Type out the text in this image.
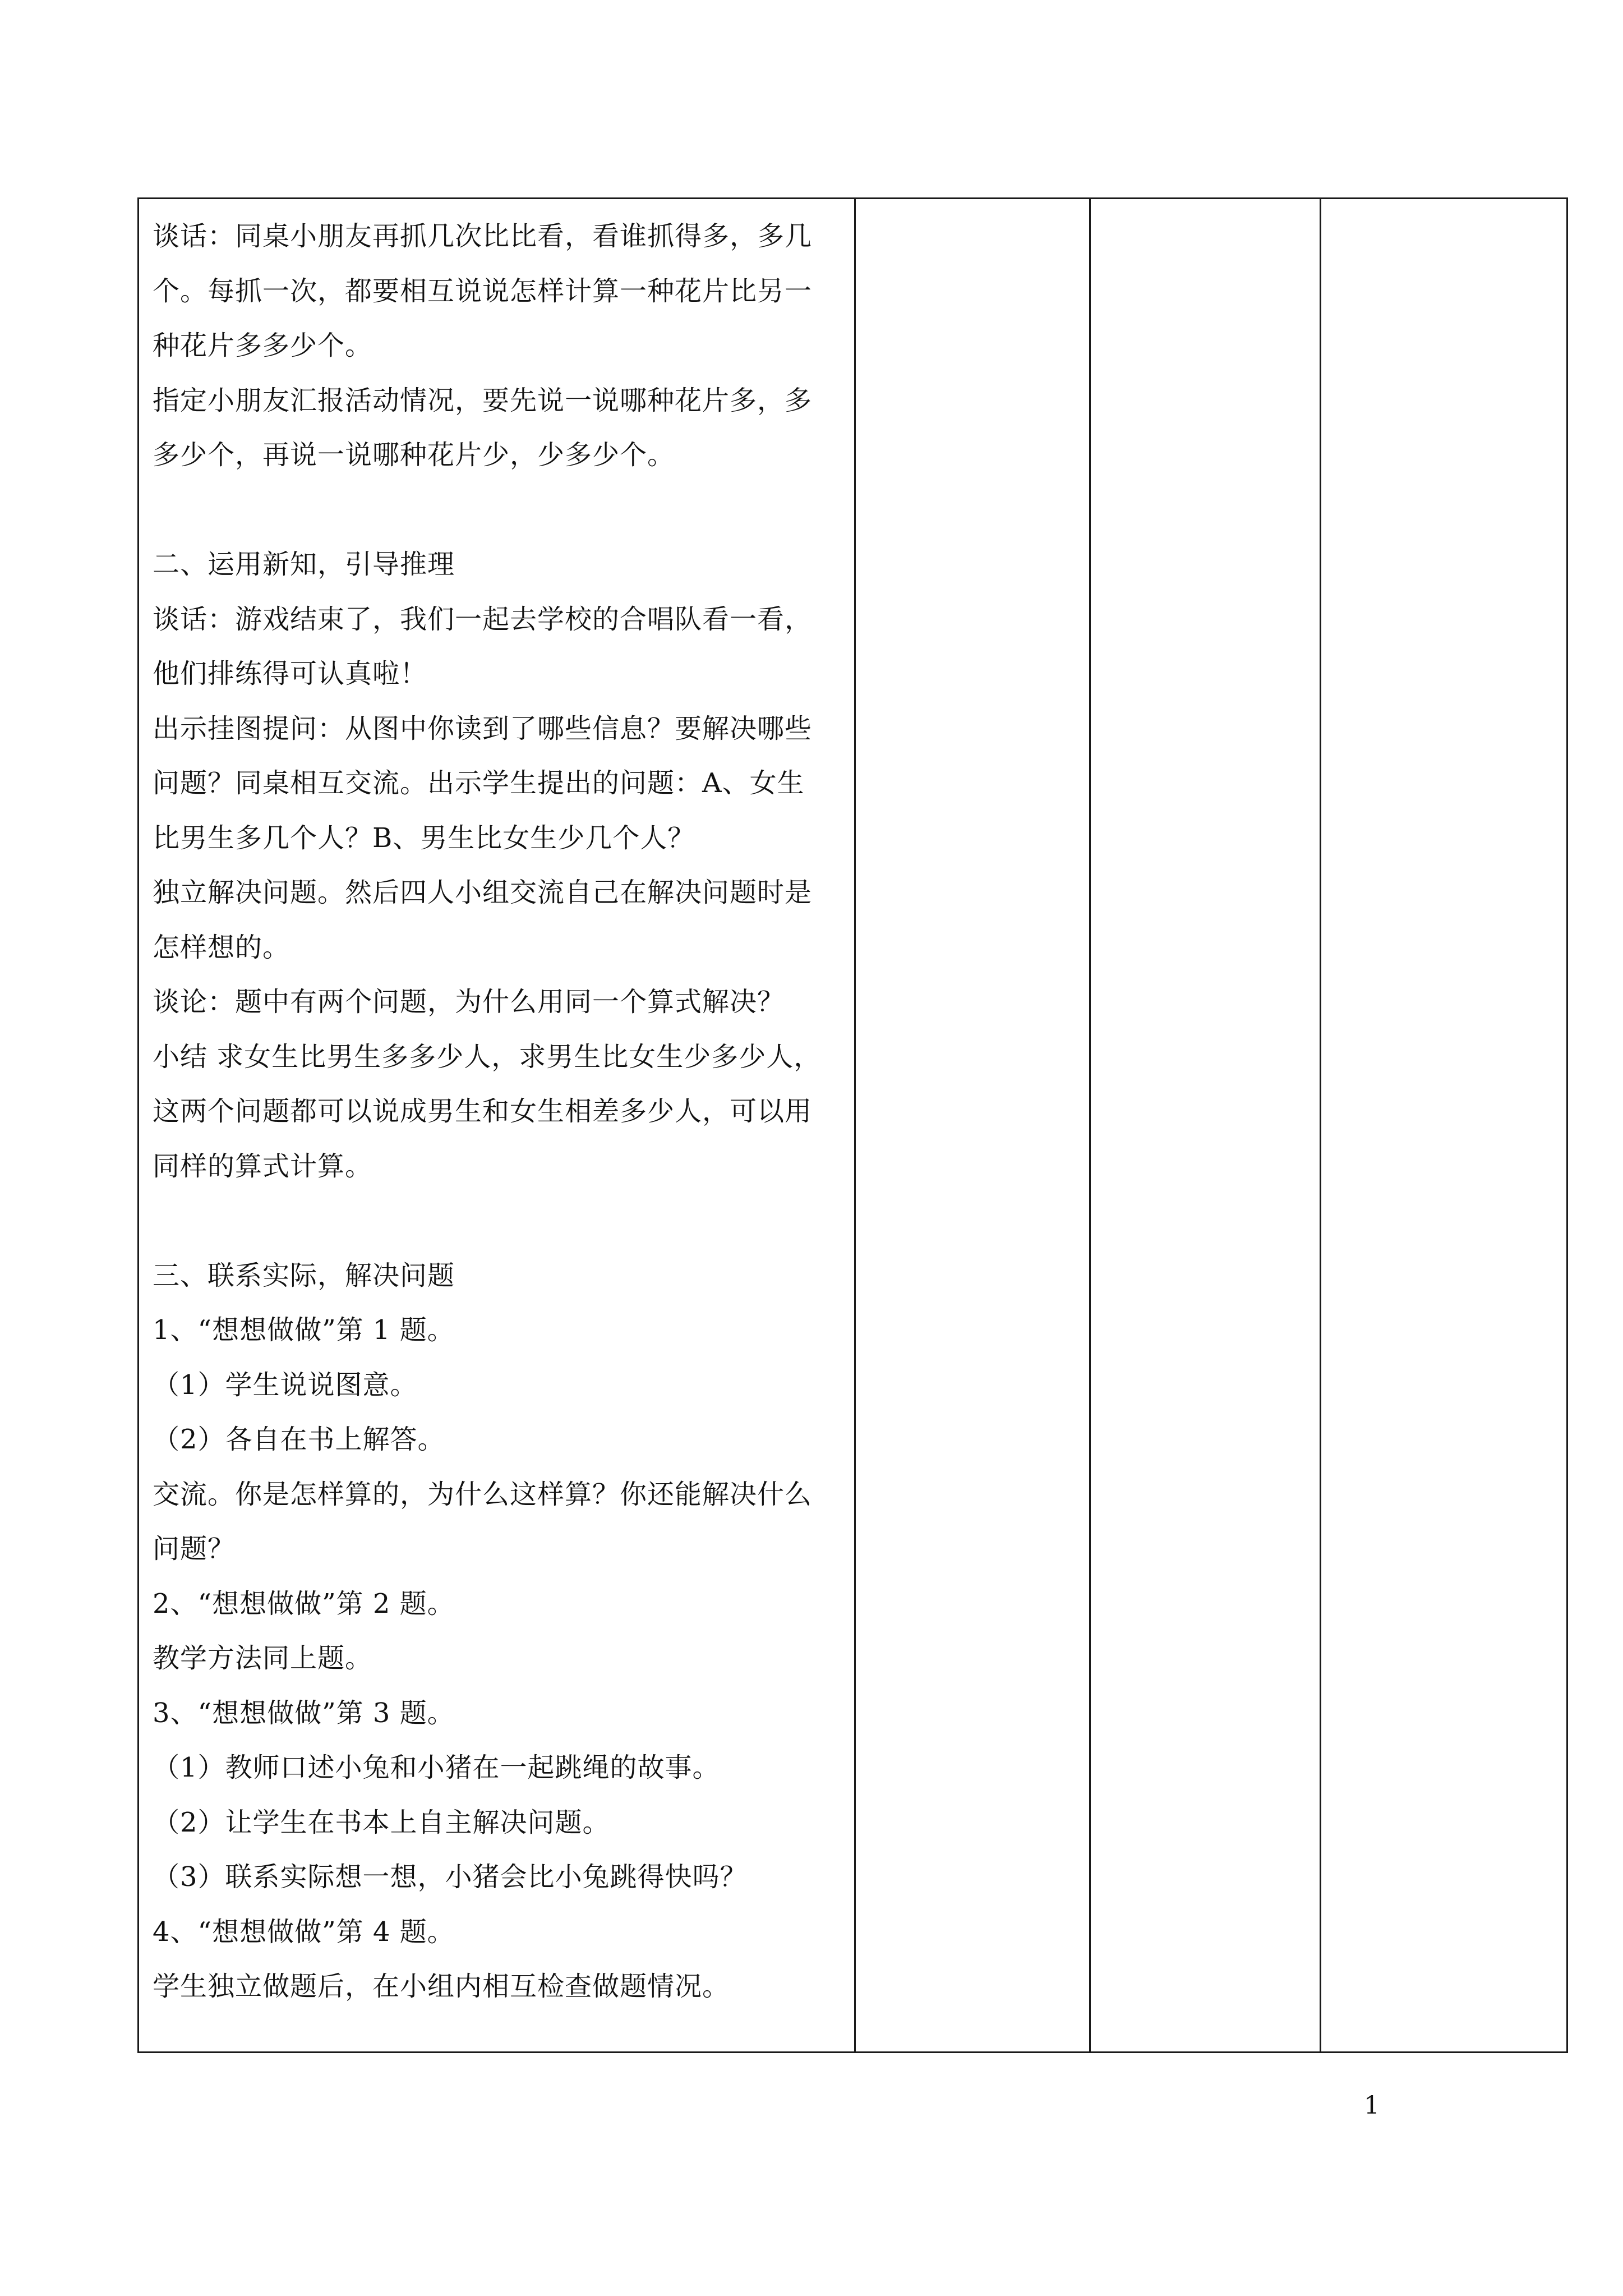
谈话：同桌小朋友再抓几次比比看，看谁抓得多，多几
个。每抓一次，都要相互说说怎样计算一种花片比另一
种花片多多少个。
指定小朋友汇报活动情况，要先说一说哪种花片多，多
多少个，再说一说哪种花片少，少多少个。
二、运用新知，引导推理
谈话：游戏结束了，我们一起去学校的合唱队看一看，
他们排练得可认真啦！
出示挂图提问：从图中你读到了哪些信息？要解决哪些
问题？同桌相互交流。出示学生提出的问题：A、女生
比男生多几个人？B、男生比女生少几个人？
独立解决问题。然后四人小组交流自己在解决问题时是
怎样想的。
谈论：题中有两个问题，为什么用同一个算式解决？
小结 求女生比男生多多少人，求男生比女生少多少人，
这两个问题都可以说成男生和女生相差多少人，可以用
同样的算式计算。
三、联系实际，解决问题
1、“想想做做”第 1 题。
（1）学生说说图意。
（2）各自在书上解答。
交流。你是怎样算的，为什么这样算？你还能解决什么
问题？
2、“想想做做”第 2 题。
教学方法同上题。
3、“想想做做”第 3 题。
（1）教师口述小兔和小猪在一起跳绳的故事。
（2）让学生在书本上自主解决问题。
（3）联系实际想一想，小猪会比小兔跳得快吗？
4、“想想做做”第 4 题。
学生独立做题后，在小组内相互检查做题情况。

1
